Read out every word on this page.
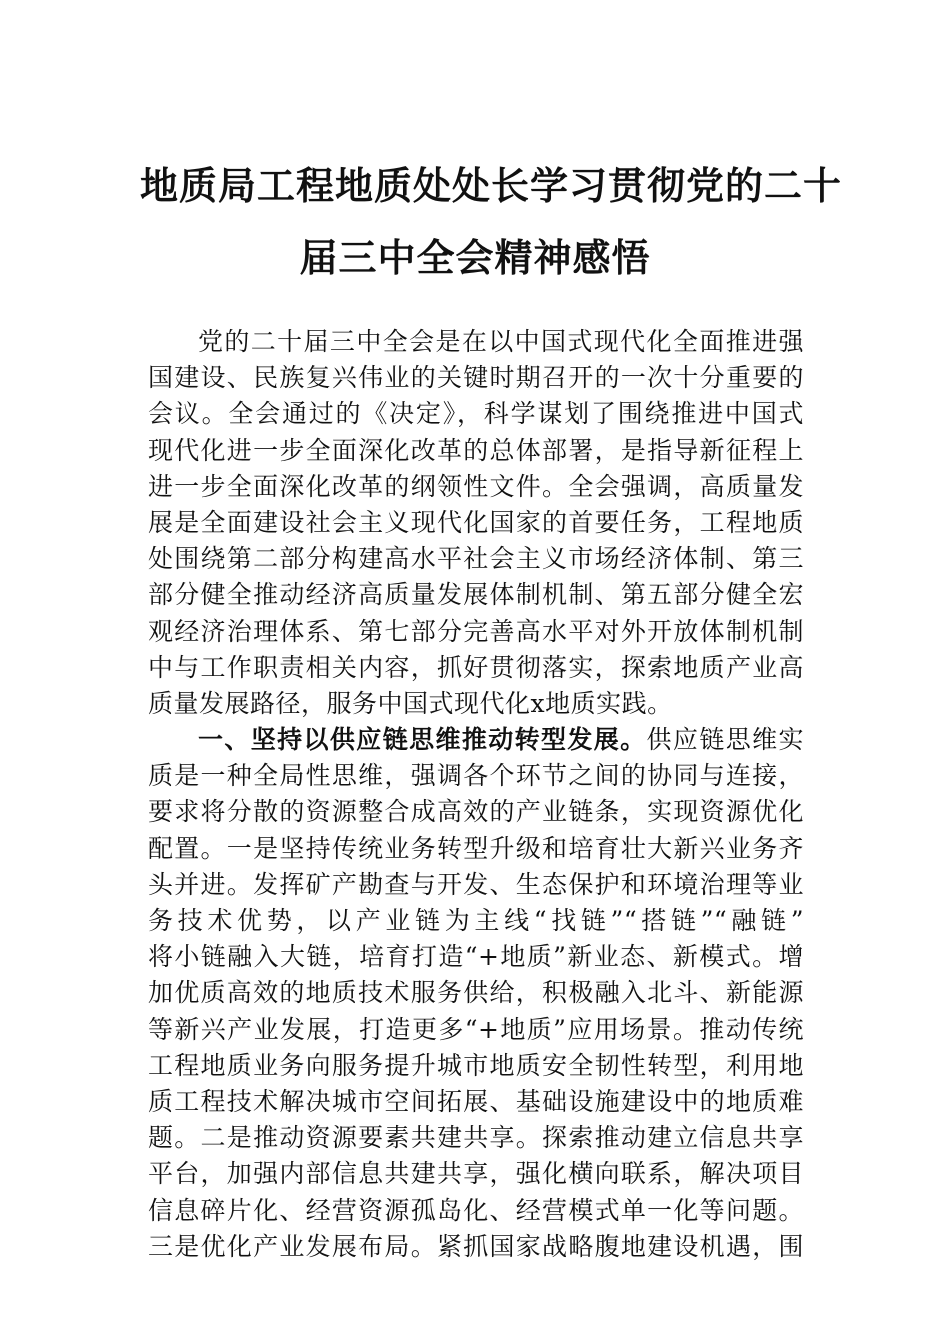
地质局工程地质处处长学习贯彻党的二十
届三中全会精神感悟
党的二十届三中全会是在以中国式现代化全面推进强
国建设、民族复兴伟业的关键时期召开的一次十分重要的
会议。全会通过的《决定》，科学谋划了围绕推进中国式
现代化进一步全面深化改革的总体部署，是指导新征程上
进一步全面深化改革的纲领性文件。全会强调，高质量发
展是全面建设社会主义现代化国家的首要任务，工程地质
处围绕第二部分构建高水平社会主义市场经济体制、第三
部分健全推动经济高质量发展体制机制、第五部分健全宏
观经济治理体系、第七部分完善高水平对外开放体制机制
中与工作职责相关内容，抓好贯彻落实，探索地质产业高
质量发展路径，服务中国式现代化x地质实践。
一、坚持以供应链思维推动转型发展。供应链思维实
质是一种全局性思维，强调各个环节之间的协同与连接，
要求将分散的资源整合成高效的产业链条，实现资源优化
配置。一是坚持传统业务转型升级和培育壮大新兴业务齐
头并进。发挥矿产勘查与开发、生态保护和环境治理等业
务技术优势，以产业链为主线“找链”“搭链”“融链”
将小链融入大链，培育打造“+地质”新业态、新模式。增
加优质高效的地质技术服务供给，积极融入北斗、新能源
等新兴产业发展，打造更多“+地质”应用场景。推动传统
工程地质业务向服务提升城市地质安全韧性转型，利用地
质工程技术解决城市空间拓展、基础设施建设中的地质难
题。二是推动资源要素共建共享。探索推动建立信息共享
平台，加强内部信息共建共享，强化横向联系，解决项目
信息碎片化、经营资源孤岛化、经营模式单一化等问题。
三是优化产业发展布局。紧抓国家战略腹地建设机遇，围
